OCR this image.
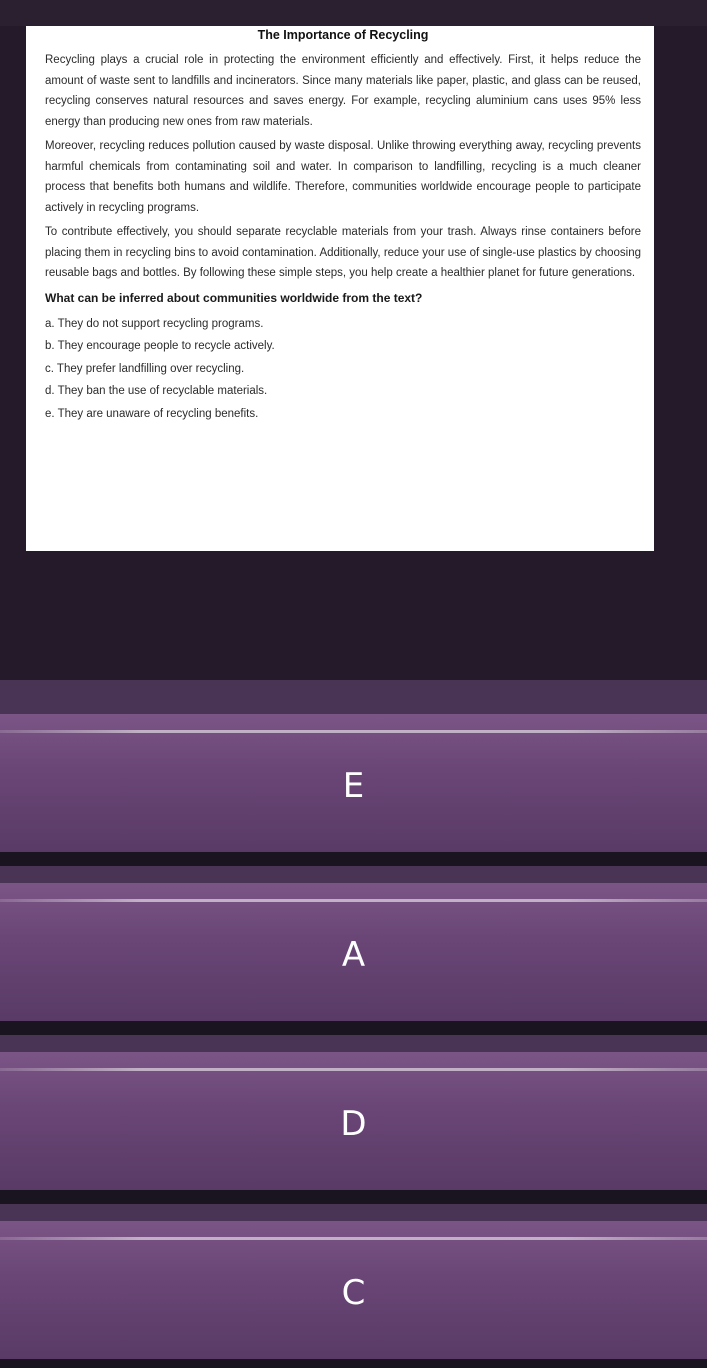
The Importance of Recycling

Recycling plays a crucial role in protecting the environment efficiently and effectively. First, it helps reduce the amount of waste sent to landfills and incinerators. Since many materials like paper, plastic, and glass can be reused, recycling conserves natural resources and saves energy. For example, recycling aluminium cans uses 95% less energy than producing new ones from raw materials.

Moreover, recycling reduces pollution caused by waste disposal. Unlike throwing everything away, recycling prevents harmful chemicals from contaminating soil and water. In comparison to landfilling, recycling is a much cleaner process that benefits both humans and wildlife. Therefore, communities worldwide encourage people to participate actively in recycling programs.

To contribute effectively, you should separate recyclable materials from your trash. Always rinse containers before placing them in recycling bins to avoid contamination. Additionally, reduce your use of single-use plastics by choosing reusable bags and bottles. By following these simple steps, you help create a healthier planet for future generations.

What can be inferred about communities worldwide from the text?

a. They do not support recycling programs.
b. They encourage people to recycle actively.
c. They prefer landfilling over recycling.
d. They ban the use of recyclable materials.
e. They are unaware of recycling benefits.
E
A
D
C
